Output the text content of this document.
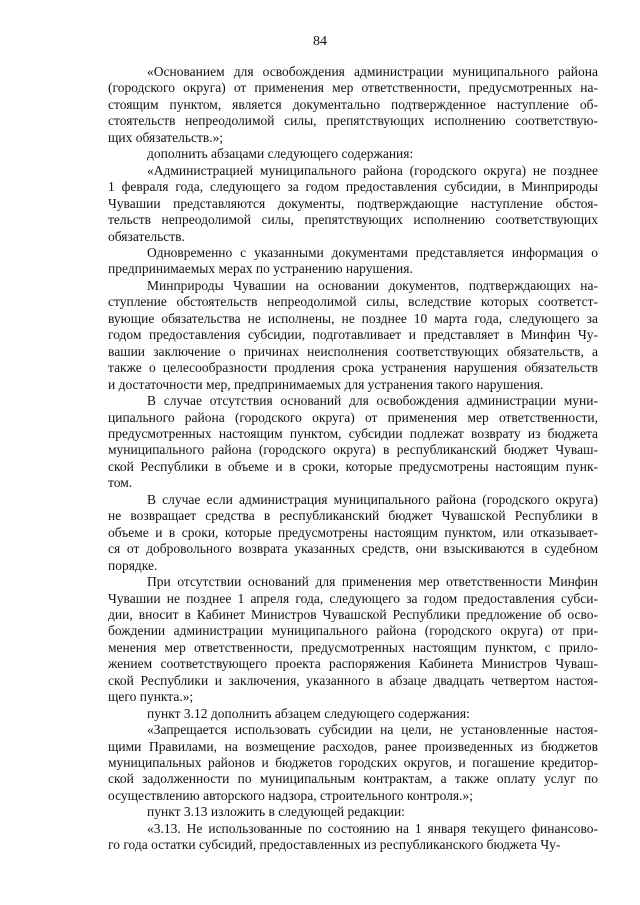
84

«Основанием для освобождения администрации муниципального района
(городского округа) от применения мер ответственности, предусмотренных на-
стоящим пунктом, является документально подтвержденное наступление об-
стоятельств непреодолимой силы, препятствующих исполнению соответствую-
щих обязательств.»;

дополнить абзацами следующего содержания:

«Администрацией муниципального района (городского округа) не позднее
1 февраля года, следующего за годом предоставления субсидии, в Минприроды
Чувашии представляются документы, подтверждающие наступление обстоя-
тельств непреодолимой силы, препятствующих исполнению соответствующих
обязательств.

Одновременно с указанными документами представляется информация о
предпринимаемых мерах по устранению нарушения.

Минприроды Чувашии на основании документов, подтверждающих на-
ступление обстоятельств непреодолимой силы, вследствие которых соответст-
вующие обязательства не исполнены, не позднее 10 марта года, следующего за
годом предоставления субсидии, подготавливает и представляет в Минфин Чу-
вашии заключение о причинах неисполнения соответствующих обязательств, а
также о целесообразности продления срока устранения нарушения обязательств
и достаточности мер, предпринимаемых для устранения такого нарушения.

В случае отсутствия оснований для освобождения администрации муни-
ципального района (городского округа) от применения мер ответственности,
предусмотренных настоящим пунктом, субсидии подлежат возврату из бюджета
муниципального района (городского округа) в республиканский бюджет Чуваш-
ской Республики в объеме и в сроки, которые предусмотрены настоящим пунк-
том.

В случае если администрация муниципального района (городского округа)
не возвращает средства в республиканский бюджет Чувашской Республики в
объеме и в сроки, которые предусмотрены настоящим пунктом, или отказывает-
ся от добровольного возврата указанных средств, они взыскиваются в судебном
порядке.

При отсутствии оснований для применения мер ответственности Минфин
Чувашии не позднее 1 апреля года, следующего за годом предоставления субси-
дии, вносит в Кабинет Министров Чувашской Республики предложение об осво-
бождении администрации муниципального района (городского округа) от при-
менения мер ответственности, предусмотренных настоящим пунктом, с прило-
жением соответствующего проекта распоряжения Кабинета Министров Чуваш-
ской Республики и заключения, указанного в абзаце двадцать четвертом настоя-
щего пункта.»;

пункт 3.12 дополнить абзацем следующего содержания:

«Запрещается использовать субсидии на цели, не установленные настоя-
щими Правилами, на возмещение расходов, ранее произведенных из бюджетов
муниципальных районов и бюджетов городских округов, и погашение кредитор-
ской задолженности по муниципальным контрактам, а также оплату услуг по
осуществлению авторского надзора, строительного контроля.»;

пункт 3.13 изложить в следующей редакции:

«3.13. Не использованные по состоянию на 1 января текущего финансово-
го года остатки субсидий, предоставленных из республиканского бюджета Чу-
